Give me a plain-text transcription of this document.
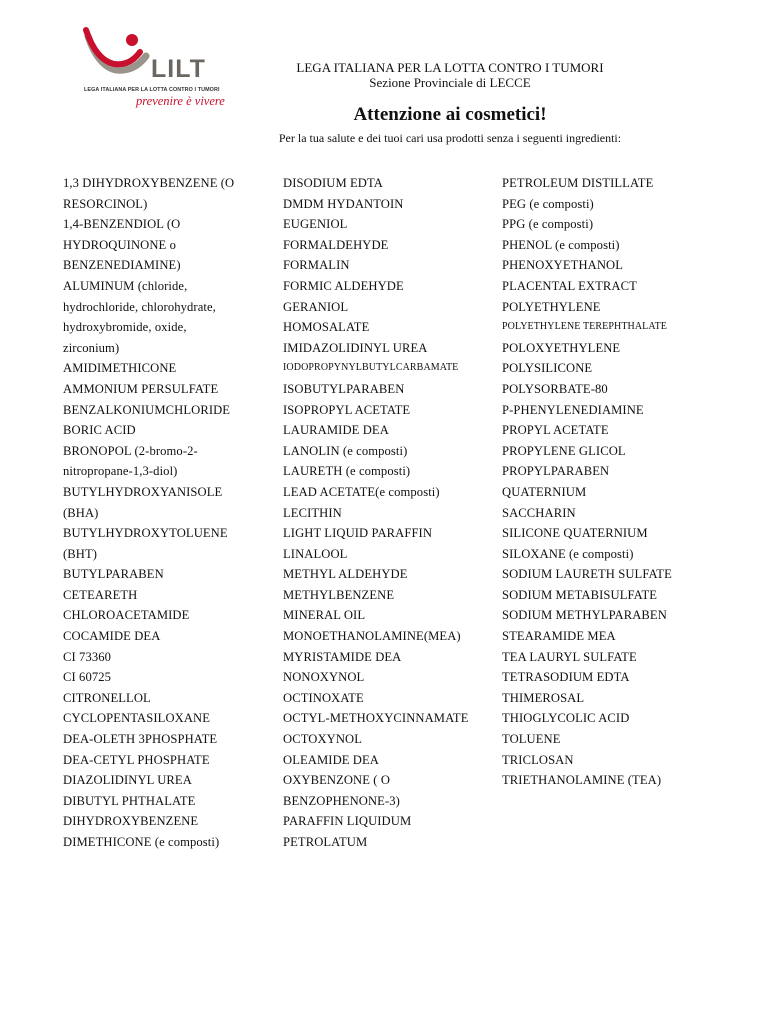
LILT
LEGA ITALIANA PER LA LOTTA CONTRO I TUMORI
prevenire è vivere
LEGA ITALIANA PER LA LOTTA CONTRO I TUMORI
Sezione Provinciale di LECCE
Attenzione ai cosmetici!
Per la tua salute e dei tuoi cari usa prodotti senza i seguenti ingredienti:
1,3 DIHYDROXYBENZENE (O
RESORCINOL)
1,4-BENZENDIOL (O
HYDROQUINONE o
BENZENEDIAMINE)
ALUMINUM (chloride,
hydrochloride, chlorohydrate,
hydroxybromide, oxide,
zirconium)
AMIDIMETHICONE
AMMONIUM PERSULFATE
BENZALKONIUMCHLORIDE
BORIC ACID
BRONOPOL (2-bromo-2-
nitropropane-1,3-diol)
BUTYLHYDROXYANISOLE
(BHA)
BUTYLHYDROXYTOLUENE
(BHT)
BUTYLPARABEN
CETEARETH
CHLOROACETAMIDE
COCAMIDE DEA
CI 73360
CI 60725
CITRONELLOL
CYCLOPENTASILOXANE
DEA-OLETH 3PHOSPHATE
DEA-CETYL PHOSPHATE
DIAZOLIDINYL UREA
DIBUTYL PHTHALATE
DIHYDROXYBENZENE
DIMETHICONE (e composti)
DISODIUM EDTA
DMDM HYDANTOIN
EUGENIOL
FORMALDEHYDE
FORMALIN
FORMIC ALDEHYDE
GERANIOL
HOMOSALATE
IMIDAZOLIDINYL UREA
IODOPROPYNYLBUTYLCARBAMATE
ISOBUTYLPARABEN
ISOPROPYL ACETATE
LAURAMIDE DEA
LANOLIN (e composti)
LAURETH (e composti)
LEAD ACETATE(e composti)
LECITHIN
LIGHT LIQUID PARAFFIN
LINALOOL
METHYL ALDEHYDE
METHYLBENZENE
MINERAL OIL
MONOETHANOLAMINE(MEA)
MYRISTAMIDE DEA
NONOXYNOL
OCTINOXATE
OCTYL-METHOXYCINNAMATE
OCTOXYNOL
OLEAMIDE DEA
OXYBENZONE ( O
BENZOPHENONE-3)
PARAFFIN LIQUIDUM
PETROLATUM
PETROLEUM DISTILLATE
PEG (e composti)
PPG (e composti)
PHENOL (e composti)
PHENOXYETHANOL
PLACENTAL EXTRACT
POLYETHYLENE
POLYETHYLENE TEREPHTHALATE
POLOXYETHYLENE
POLYSILICONE
POLYSORBATE-80
P-PHENYLENEDIAMINE
PROPYL ACETATE
PROPYLENE GLICOL
PROPYLPARABEN
QUATERNIUM
SACCHARIN
SILICONE QUATERNIUM
SILOXANE (e composti)
SODIUM LAURETH SULFATE
SODIUM METABISULFATE
SODIUM METHYLPARABEN
STEARAMIDE MEA
TEA LAURYL SULFATE
TETRASODIUM EDTA
THIMEROSAL
THIOGLYCOLIC ACID
TOLUENE
TRICLOSAN
TRIETHANOLAMINE (TEA)
